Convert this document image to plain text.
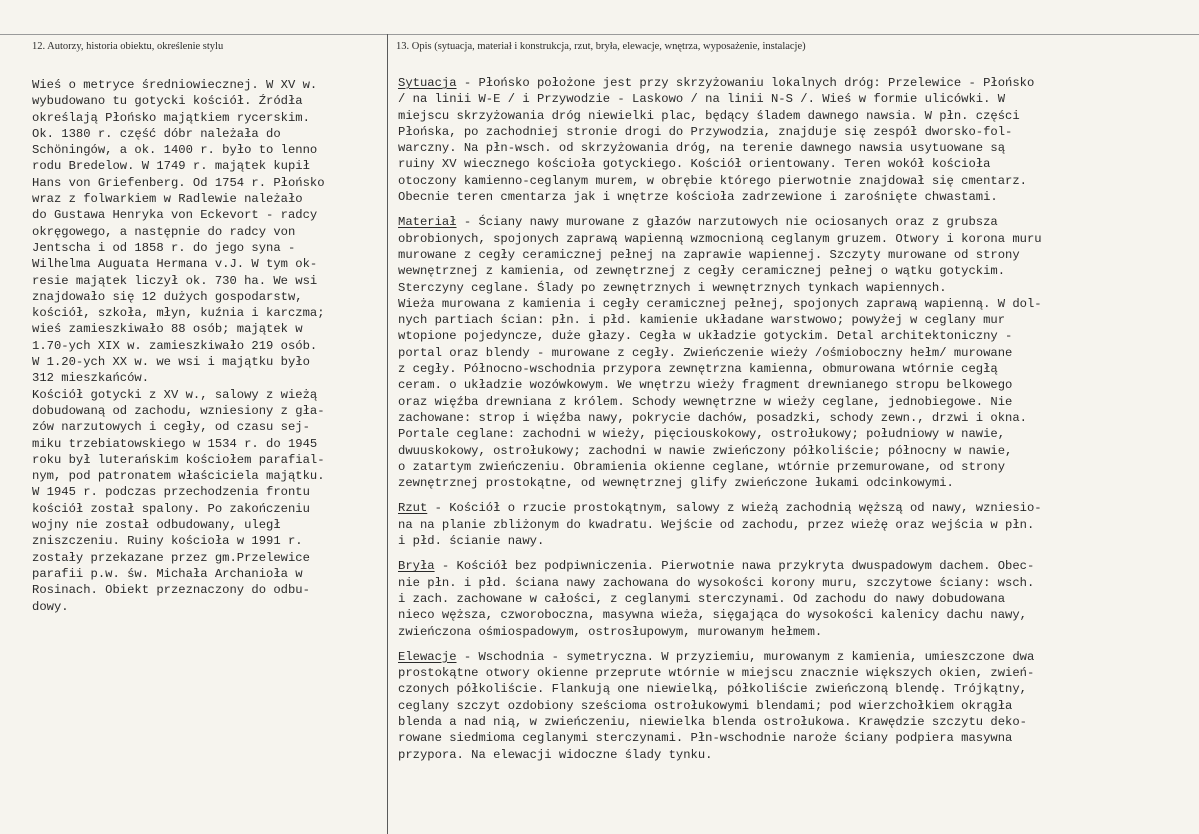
12. Autorzy, historia obiektu, określenie stylu	13. Opis (sytuacja, materiał i konstrukcja, rzut, bryła, elewacje, wnętrza, wyposażenie, instalacje)
Wieś o metryce średniowiecznej. W XV w.
wybudowano tu gotycki kościół. Źródła
określają Płońsko majątkiem rycerskim.
Ok. 1380 r. część dóbr należała do
Schöningów, a ok. 1400 r. było to lenno
rodu Bredelow. W 1749 r. majątek kupił
Hans von Griefenberg. Od 1754 r. Płońsko
wraz z folwarkiem w Radlewie należało
do Gustawa Henryka von Eckevort - radcy
okręgowego, a następnie do radcy von
Jentscha i od 1858 r. do jego syna -
Wilhelma Auguata Hermana v.J. W tym ok-
resie majątek liczył ok. 730 ha. We wsi
znajdowało się 12 dużych gospodarstw,
kościół, szkoła, młyn, kuźnia i karczma;
wieś zamieszkiwało 88 osób; majątek w
1.70-ych XIX w. zamieszkiwało 219 osób.
W 1.20-ych XX w. we wsi i majątku było
312 mieszkańców.
Kościół gotycki z XV w., salowy z wieżą
dobudowaną od zachodu, wzniesiony z gła-
zów narzutowych i cegły, od czasu sej-
miku trzebiatowskiego w 1534 r. do 1945
roku był luterańskim kościołem parafial-
nym, pod patronatem właściciela majątku.
W 1945 r. podczas przechodzenia frontu
kościół został spalony. Po zakończeniu
wojny nie został odbudowany, uległ
zniszczeniu. Ruiny kościoła w 1991 r.
zostały przekazane przez gm.Przelewice
parafii p.w. św. Michała Archanioła w
Rosinach. Obiekt przeznaczony do odbu-
dowy.
Sytuacja - Płońsko położone jest przy skrzyżowaniu lokalnych dróg: Przelewice - Płońsko
/ na linii W-E / i Przywodzie - Laskowo / na linii N-S /. Wieś w formie ulicówki. W
miejscu skrzyżowania dróg niewielki plac, będący śladem dawnego nawsia. W płn. części
Płońska, po zachodniej stronie drogi do Przywodzia, znajduje się zespół dworsko-fol-
warczny. Na płn-wsch. od skrzyżowania dróg, na terenie dawnego nawsia usytuowane są
ruiny XV wiecznego kościoła gotyckiego. Kościół orientowany. Teren wokół kościoła
otoczony kamienno-ceglanym murem, w obrębie którego pierwotnie znajdował się cmentarz.
Obecnie teren cmentarza jak i wnętrze kościoła zadrzewione i zarośnięte chwastami.
Materiał - Ściany nawy murowane z głazów narzutowych nie ociosanych oraz z grubsza
obrobionych, spojonych zaprawą wapienną wzmocnioną ceglanym gruzem. Otwory i korona muru
murowane z cegły ceramicznej pełnej na zaprawie wapiennej. Szczyty murowane od strony
wewnętrznej z kamienia, od zewnętrznej z cegły ceramicznej pełnej o wątku gotyckim.
Sterczyny ceglane. Ślady po zewnętrznych i wewnętrznych tynkach wapiennych.
Wieża murowana z kamienia i cegły ceramicznej pełnej, spojonych zaprawą wapienną. W dol-
nych partiach ścian: płn. i płd. kamienie układane warstwowo; powyżej w ceglany mur
wtopione pojedyncze, duże głazy. Cegła w układzie gotyckim. Detal architektoniczny -
portal oraz blendy - murowane z cegły. Zwieńczenie wieży /ośmioboczny hełm/ murowane
z cegły. Północno-wschodnia przypora zewnętrzna kamienna, obmurowana wtórnie cegłą
ceram. o układzie wozówkowym. We wnętrzu wieży fragment drewnianego stropu belkowego
oraz więźba drewniana z królem. Schody wewnętrzne w wieży ceglane, jednobiegowe. Nie
zachowane: strop i więźba nawy, pokrycie dachów, posadzki, schody zewn., drzwi i okna.
Portale ceglane: zachodni w wieży, pięciouskokowy, ostrołukowy; południowy w nawie,
dwuuskokowy, ostrołukowy; zachodni w nawie zwieńczony półkoliście; północny w nawie,
o zatartym zwieńczeniu. Obramienia okienne ceglane, wtórnie przemurowane, od strony
zewnętrznej prostokątne, od wewnętrznej glify zwieńczone łukami odcinkowymi.
Rzut - Kościół o rzucie prostokątnym, salowy z wieżą zachodnią węższą od nawy, wzniesio-
na na planie zbliżonym do kwadratu. Wejście od zachodu, przez wieżę oraz wejścia w płn.
i płd. ścianie nawy.
Bryła - Kościół bez podpiwniczenia. Pierwotnie nawa przykryta dwuspadowym dachem. Obec-
nie płn. i płd. ściana nawy zachowana do wysokości korony muru, szczytowe ściany: wsch.
i zach. zachowane w całości, z ceglanymi sterczynami. Od zachodu do nawy dobudowana
nieco węższa, czworoboczna, masywna wieża, sięgająca do wysokości kalenicy dachu nawy,
zwieńczona ośmiospadowym, ostrosłupowym, murowanym hełmem.
Elewacje - Wschodnia - symetryczna. W przyziemiu, murowanym z kamienia, umieszczone dwa
prostokątne otwory okienne przeprute wtórnie w miejscu znacznie większych okien, zwień-
czonych półkoliście. Flankują one niewielką, półkoliście zwieńczoną blendę. Trójkątny,
ceglany szczyt ozdobiony sześcioma ostrołukowymi blendami; pod wierzchołkiem okrągła
blenda a nad nią, w zwieńczeniu, niewielka blenda ostrołukowa. Krawędzie szczytu deko-
rowane siedmioma ceglanymi sterczynami. Płn-wschodnie naroże ściany podpiera masywna
przypora. Na elewacji widoczne ślady tynku.
